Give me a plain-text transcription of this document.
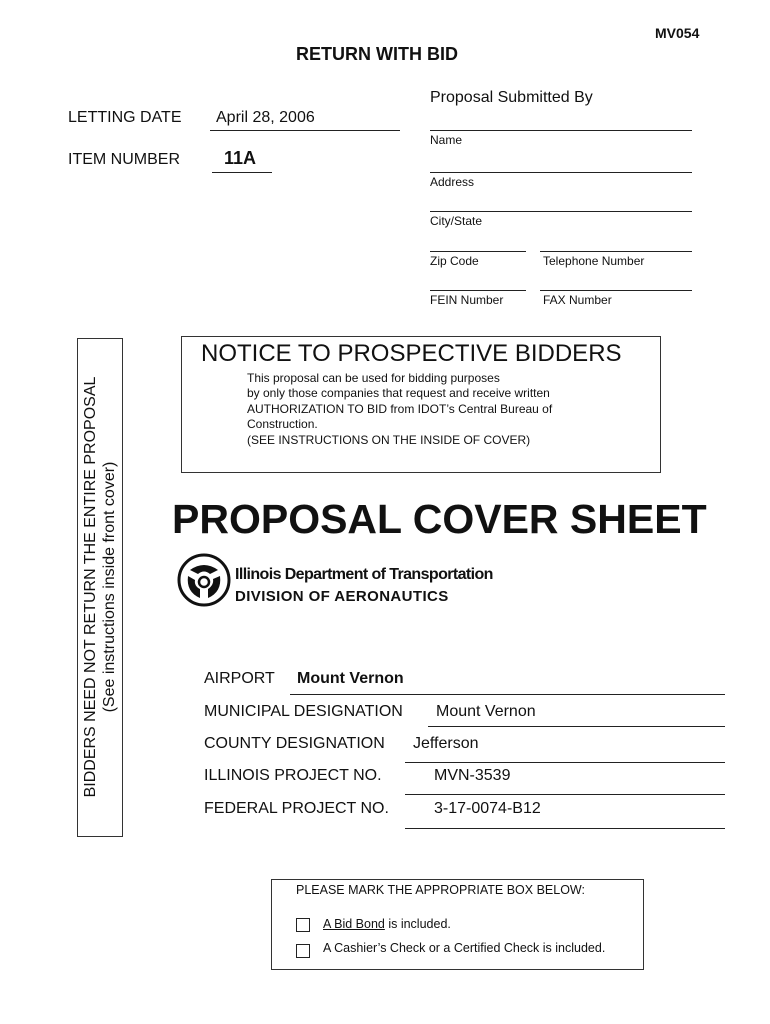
MV054
RETURN WITH BID
LETTING DATE April 28, 2006
ITEM NUMBER 11A
Proposal Submitted By
Name
Address
City/State
Zip Code	Telephone Number
FEIN Number	FAX Number
BIDDERS NEED NOT RETURN THE ENTIRE PROPOSAL (See instructions inside front cover)
NOTICE TO PROSPECTIVE BIDDERS
This proposal can be used for bidding purposes
by only those companies that request and receive written
AUTHORIZATION TO BID from IDOT’s Central Bureau of
Construction.
(SEE INSTRUCTIONS ON THE INSIDE OF COVER)
PROPOSAL COVER SHEET
Illinois Department of Transportation
DIVISION OF AERONAUTICS
AIRPORT Mount Vernon
MUNICIPAL DESIGNATION Mount Vernon
COUNTY DESIGNATION Jefferson
ILLINOIS PROJECT NO.	MVN-3539
FEDERAL PROJECT NO.	3-17-0074-B12
PLEASE MARK THE APPROPRIATE BOX BELOW:
A Bid Bond is included.
A Cashier’s Check or a Certified Check is included.
